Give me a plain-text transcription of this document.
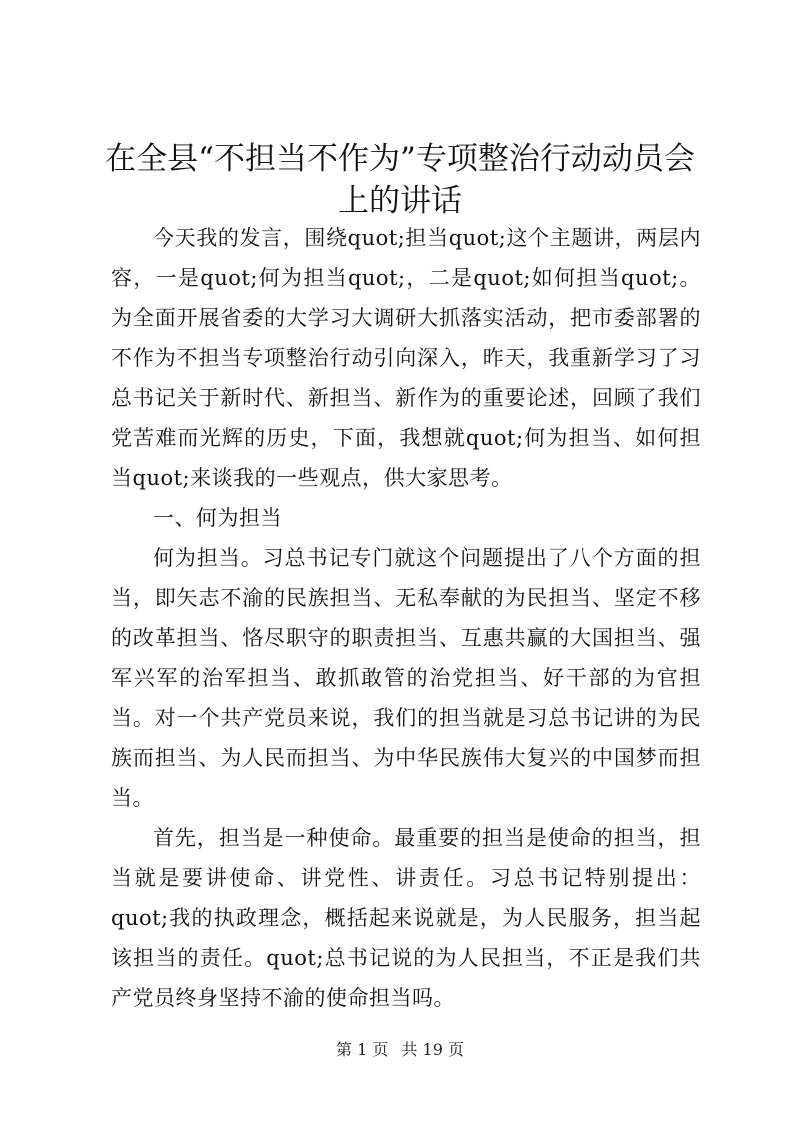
在全县“不担当不作为”专项整治行动动员会
上的讲话

今天我的发言，围绕quot;担当quot;这个主题讲，两层内容，一是quot;何为担当quot;，二是quot;如何担当quot;。为全面开展省委的大学习大调研大抓落实活动，把市委部署的不作为不担当专项整治行动引向深入，昨天，我重新学习了习总书记关于新时代、新担当、新作为的重要论述，回顾了我们党苦难而光辉的历史，下面，我想就quot;何为担当、如何担当quot;来谈我的一些观点，供大家思考。

一、何为担当

何为担当。习总书记专门就这个问题提出了八个方面的担当，即矢志不渝的民族担当、无私奉献的为民担当、坚定不移的改革担当、恪尽职守的职责担当、互惠共赢的大国担当、强军兴军的治军担当、敢抓敢管的治党担当、好干部的为官担当。对一个共产党员来说，我们的担当就是习总书记讲的为民族而担当、为人民而担当、为中华民族伟大复兴的中国梦而担当。

首先，担当是一种使命。最重要的担当是使命的担当，担当就是要讲使命、讲党性、讲责任。习总书记特别提出：quot;我的执政理念，概括起来说就是，为人民服务，担当起该担当的责任。quot;总书记说的为人民担当，不正是我们共产党员终身坚持不渝的使命担当吗。

第 1 页 共 19 页
